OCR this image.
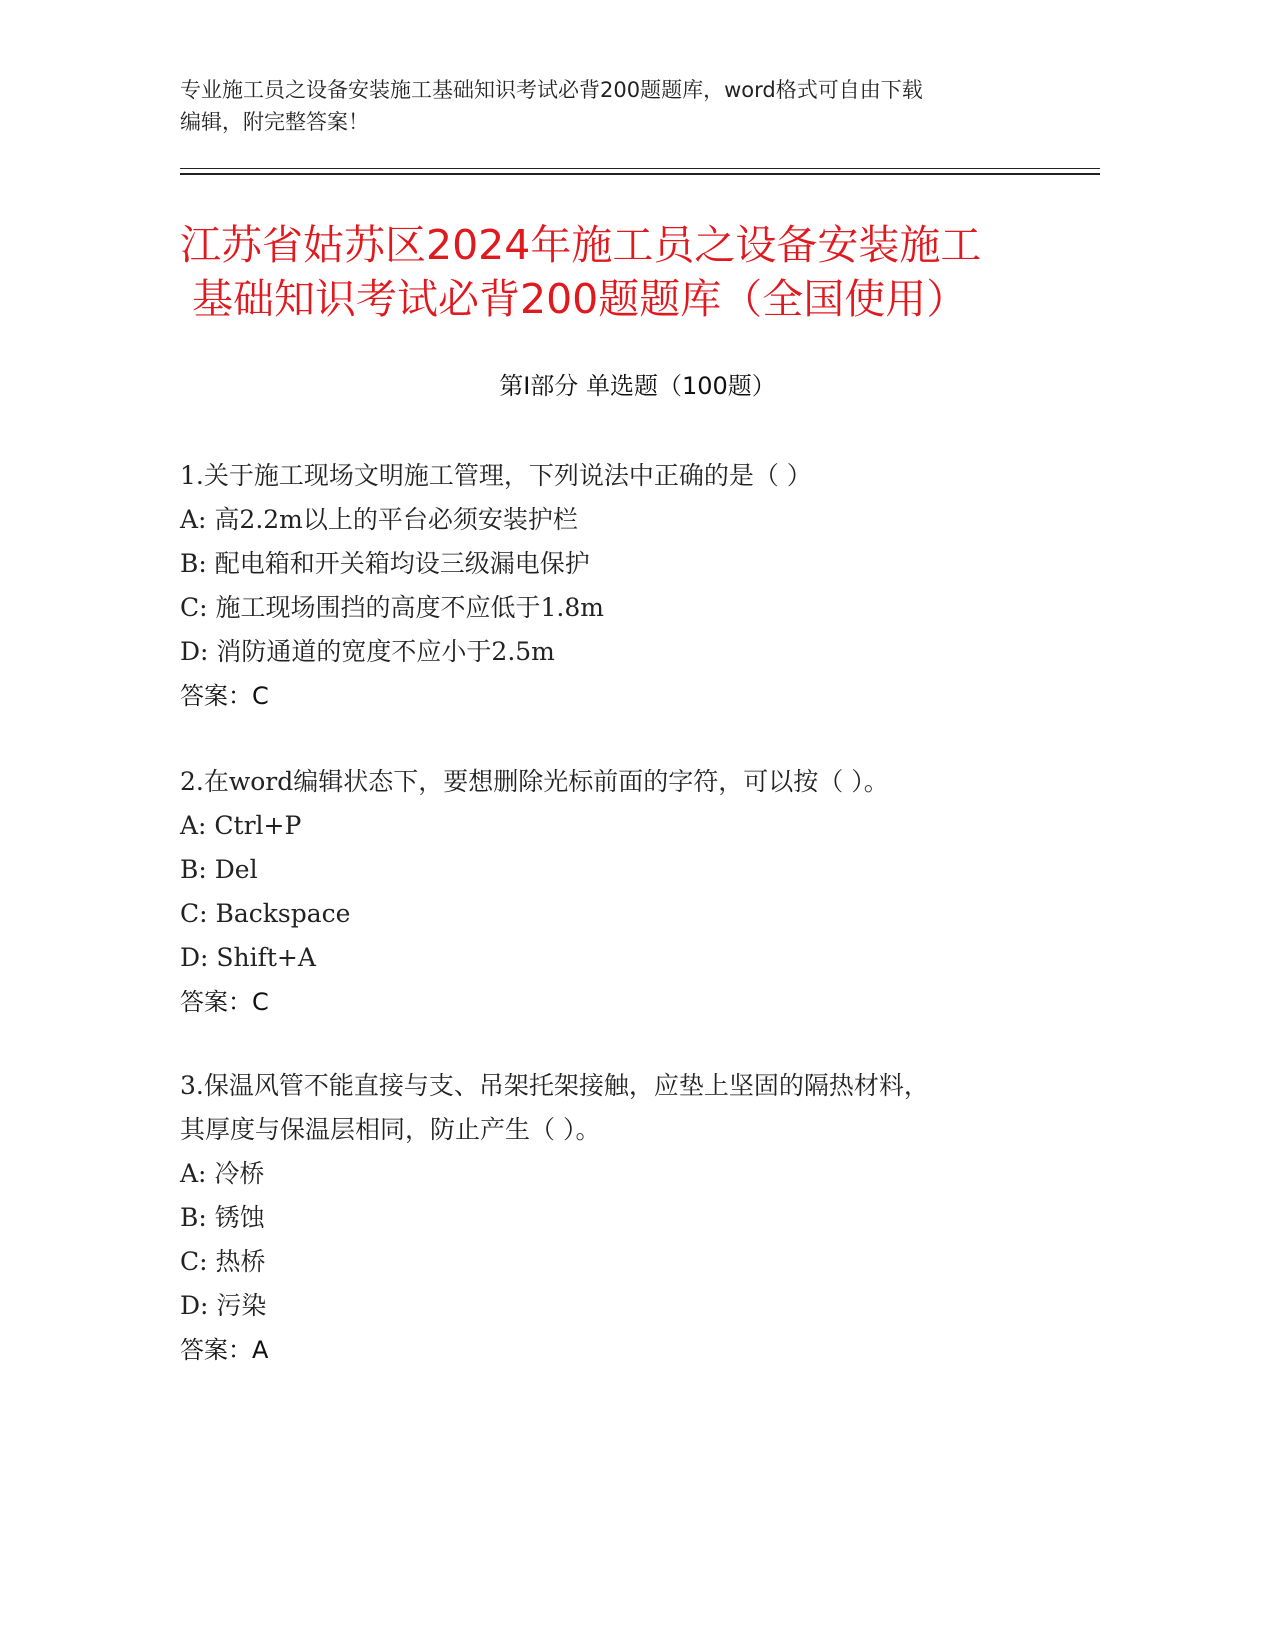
专业施工员之设备安装施工基础知识考试必背200题题库，word格式可自由下载
编辑，附完整答案！
江苏省姑苏区2024年施工员之设备安装施工
基础知识考试必背200题题库（全国使用）
第Ⅰ部分 单选题（100题）
1.关于施工现场文明施工管理，下列说法中正确的是（ ）
A: 高2.2m以上的平台必须安装护栏
B: 配电箱和开关箱均设三级漏电保护
C: 施工现场围挡的高度不应低于1.8m
D: 消防通道的宽度不应小于2.5m
答案：C
2.在word编辑状态下，要想删除光标前面的字符，可以按（ ）。
A: Ctrl+P
B: Del
C: Backspace
D: Shift+A
答案：C
3.保温风管不能直接与支、吊架托架接触，应垫上坚固的隔热材料，
其厚度与保温层相同，防止产生（ ）。
A: 冷桥
B: 锈蚀
C: 热桥
D: 污染
答案：A
